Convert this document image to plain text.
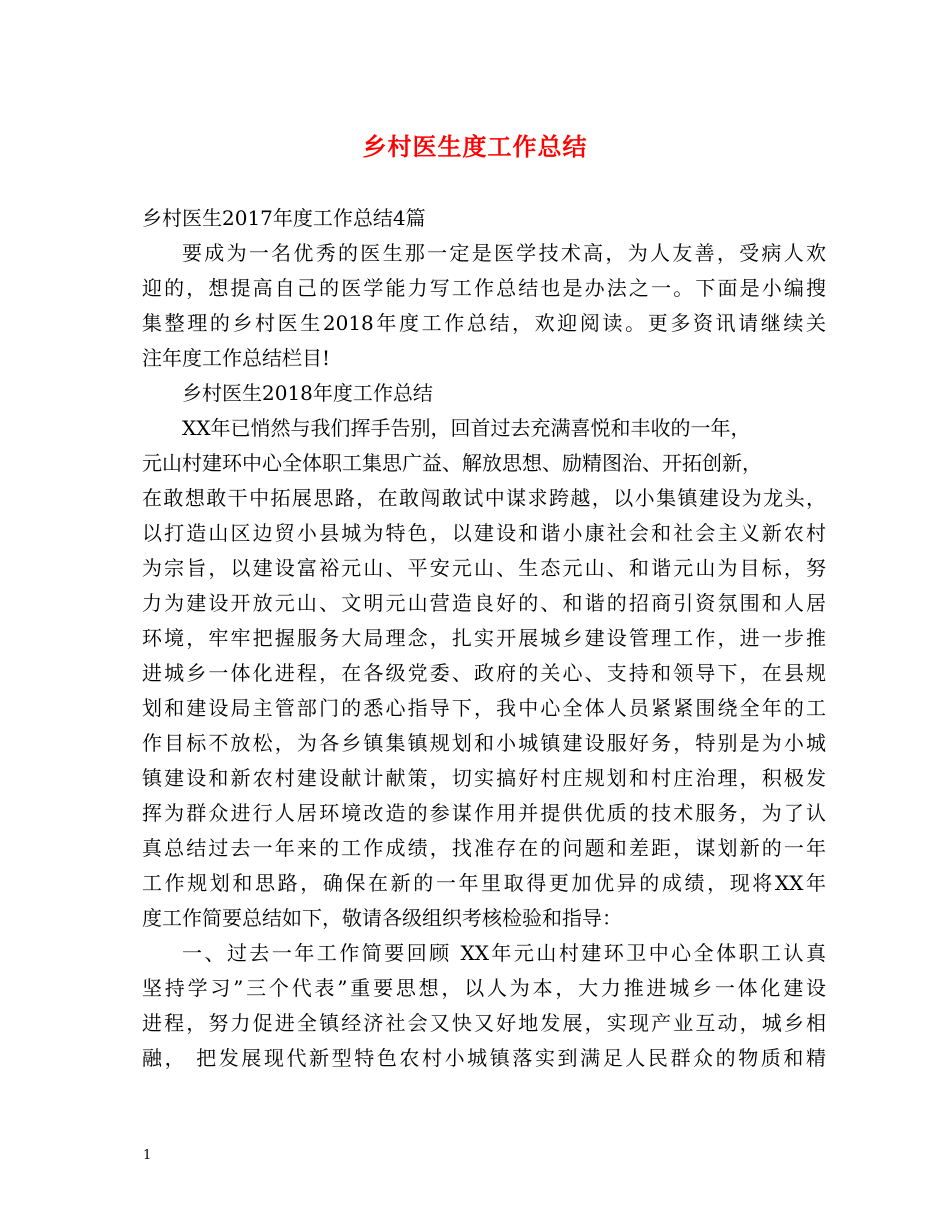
乡村医生度工作总结
乡村医生2017年度工作总结4篇
要成为一名优秀的医生那一定是医学技术高，为人友善，受病人欢
迎的，想提高自己的医学能力写工作总结也是办法之一。下面是小编搜
集整理的乡村医生2018年度工作总结，欢迎阅读。更多资讯请继续关
注年度工作总结栏目!
乡村医生2018年度工作总结
XX年已悄然与我们挥手告别，回首过去充满喜悦和丰收的一年，
元山村建环中心全体职工集思广益、解放思想、励精图治、开拓创新，
在敢想敢干中拓展思路，在敢闯敢试中谋求跨越，以小集镇建设为龙头，
以打造山区边贸小县城为特色，以建设和谐小康社会和社会主义新农村
为宗旨，以建设富裕元山、平安元山、生态元山、和谐元山为目标，努
力为建设开放元山、文明元山营造良好的、和谐的招商引资氛围和人居
环境，牢牢把握服务大局理念，扎实开展城乡建设管理工作，进一步推
进城乡一体化进程，在各级党委、政府的关心、支持和领导下，在县规
划和建设局主管部门的悉心指导下，我中心全体人员紧紧围绕全年的工
作目标不放松，为各乡镇集镇规划和小城镇建设服好务，特别是为小城
镇建设和新农村建设献计献策，切实搞好村庄规划和村庄治理，积极发
挥为群众进行人居环境改造的参谋作用并提供优质的技术服务，为了认
真总结过去一年来的工作成绩，找准存在的问题和差距，谋划新的一年
工作规划和思路，确保在新的一年里取得更加优异的成绩，现将XX年
度工作简要总结如下，敬请各级组织考核检验和指导：
一、过去一年工作简要回顾 XX年元山村建环卫中心全体职工认真
坚持学习”三个代表”重要思想，以人为本，大力推进城乡一体化建设
进程，努力促进全镇经济社会又快又好地发展，实现产业互动，城乡相
融， 把发展现代新型特色农村小城镇落实到满足人民群众的物质和精
1
